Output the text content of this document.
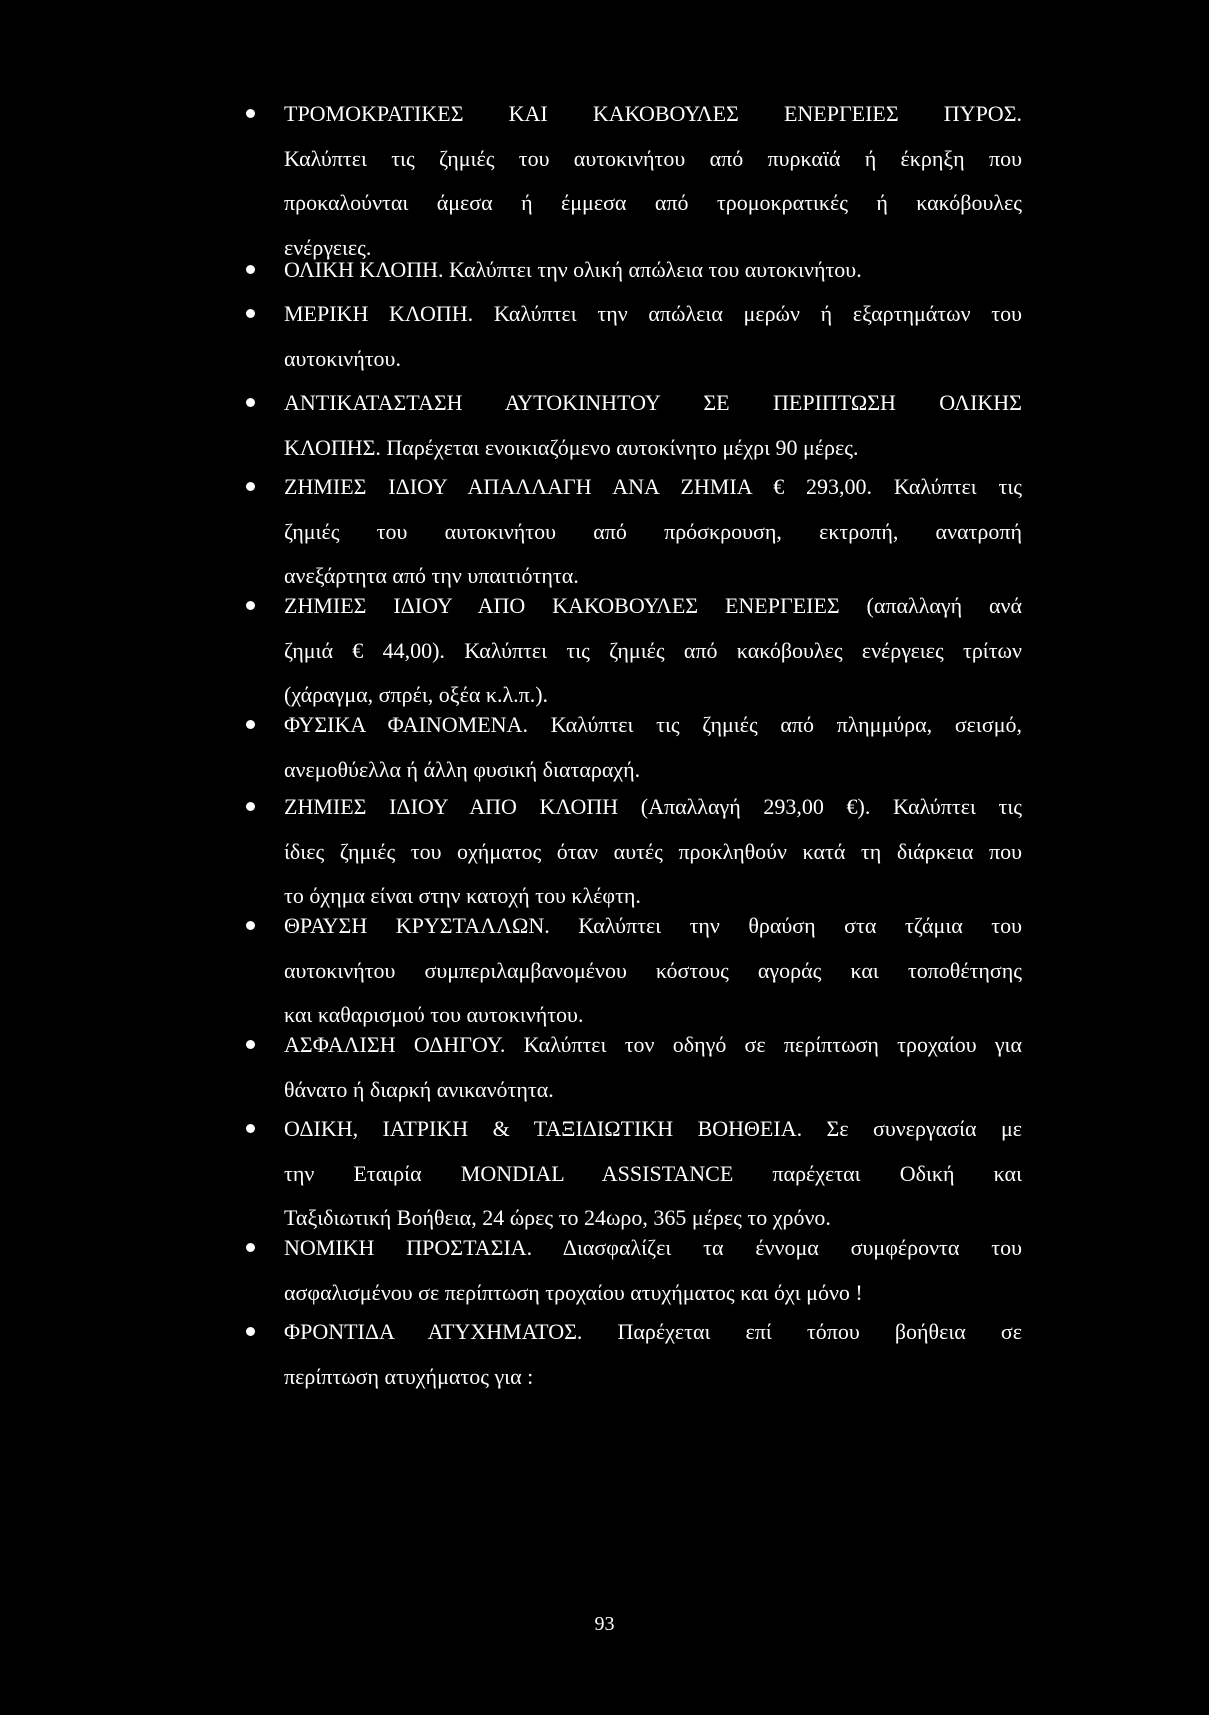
ΤΡΟΜΟΚΡΑΤΙΚΕΣ ΚΑΙ ΚΑΚΟΒΟΥΛΕΣ ΕΝΕΡΓΕΙΕΣ ΠΥΡΟΣ.
Καλύπτει τις ζημιές του αυτοκινήτου από πυρκαϊά ή έκρηξη που
προκαλούνται άμεσα ή έμμεσα από τρομοκρατικές ή κακόβουλες
ενέργειες.
ΟΛΙΚΗ ΚΛΟΠΗ. Καλύπτει την ολική απώλεια του αυτοκινήτου.
ΜΕΡΙΚΗ ΚΛΟΠΗ. Καλύπτει την απώλεια μερών ή εξαρτημάτων του
αυτοκινήτου.
ΑΝΤΙΚΑΤΑΣΤΑΣΗ ΑΥΤΟΚΙΝΗΤΟΥ ΣΕ ΠΕΡΙΠΤΩΣΗ ΟΛΙΚΗΣ
ΚΛΟΠΗΣ. Παρέχεται ενοικιαζόμενο αυτοκίνητο μέχρι 90 μέρες.
ΖΗΜΙΕΣ ΙΔΙΟΥ ΑΠΑΛΛΑΓΗ ΑΝΑ ΖΗΜΙΑ € 293,00. Καλύπτει τις
ζημιές του αυτοκινήτου από πρόσκρουση, εκτροπή, ανατροπή
ανεξάρτητα από την υπαιτιότητα.
ΖΗΜΙΕΣ ΙΔΙΟΥ ΑΠΟ ΚΑΚΟΒΟΥΛΕΣ ΕΝΕΡΓΕΙΕΣ (απαλλαγή ανά
ζημιά € 44,00). Καλύπτει τις ζημιές από κακόβουλες ενέργειες τρίτων
(χάραγμα, σπρέι, οξέα κ.λ.π.).
ΦΥΣΙΚΑ ΦΑΙΝΟΜΕΝΑ. Καλύπτει τις ζημιές από πλημμύρα, σεισμό,
ανεμοθύελλα ή άλλη φυσική διαταραχή.
ΖΗΜΙΕΣ ΙΔΙΟΥ ΑΠΟ ΚΛΟΠΗ (Απαλλαγή 293,00 €). Καλύπτει τις
ίδιες ζημιές του οχήματος όταν αυτές προκληθούν κατά τη διάρκεια που
το όχημα είναι στην κατοχή του κλέφτη.
ΘΡΑΥΣΗ ΚΡΥΣΤΑΛΛΩΝ. Καλύπτει την θραύση στα τζάμια του
αυτοκινήτου συμπεριλαμβανομένου κόστους αγοράς και τοποθέτησης
και καθαρισμού του αυτοκινήτου.
ΑΣΦΑΛΙΣΗ ΟΔΗΓΟΥ. Καλύπτει τον οδηγό σε περίπτωση τροχαίου για
θάνατο ή διαρκή ανικανότητα.
ΟΔΙΚΗ, ΙΑΤΡΙΚΗ & ΤΑΞΙΔΙΩΤΙΚΗ ΒΟΗΘΕΙΑ. Σε συνεργασία με
την Εταιρία MONDIAL ASSISTANCE παρέχεται Οδική και
Ταξιδιωτική Βοήθεια, 24 ώρες το 24ωρο, 365 μέρες το χρόνο.
ΝΟΜΙΚΗ ΠΡΟΣΤΑΣΙΑ. Διασφαλίζει τα έννομα συμφέροντα του
ασφαλισμένου σε περίπτωση τροχαίου ατυχήματος και όχι μόνο !
ΦΡΟΝΤΙΔΑ ΑΤΥΧΗΜΑΤΟΣ. Παρέχεται επί τόπου βοήθεια σε
περίπτωση ατυχήματος για :
93
